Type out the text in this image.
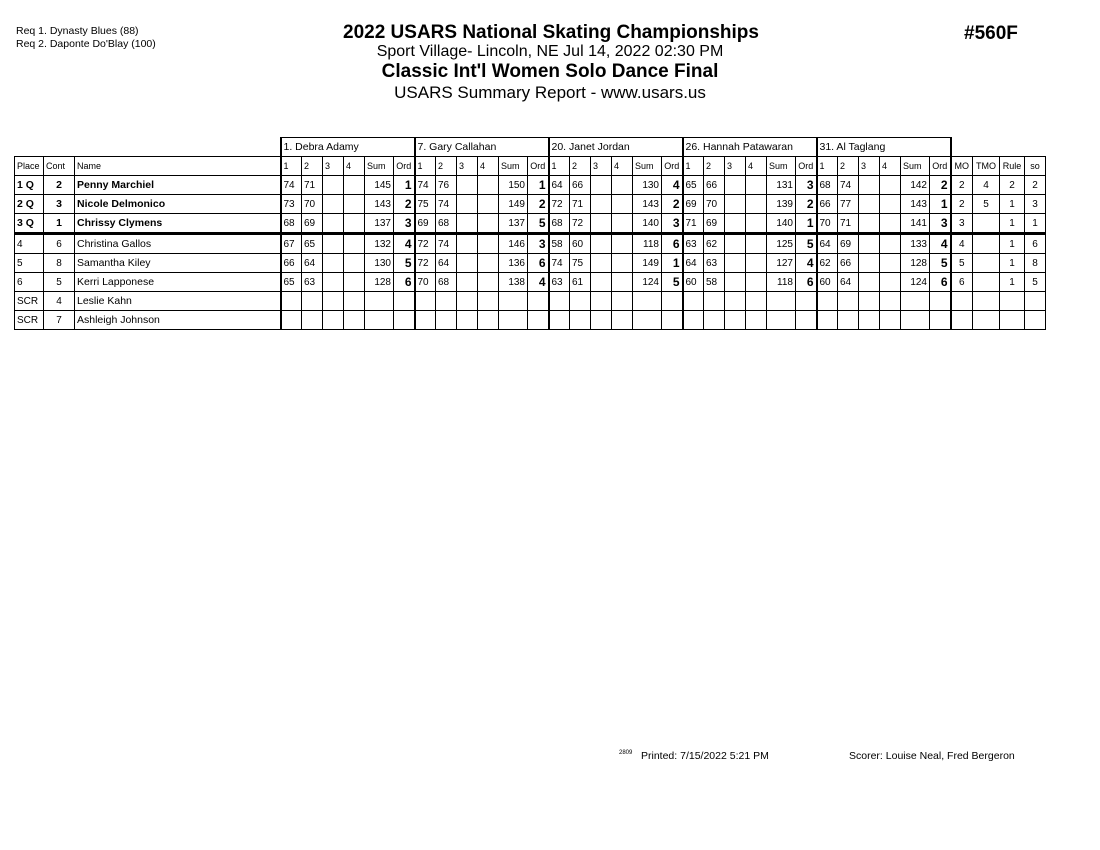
Req 1. Dynasty Blues (88)
Req 2. Daponte Do'Blay (100)
2022 USARS National Skating Championships
Sport Village- Lincoln, NE Jul 14, 2022 02:30 PM
Classic Int'l Women Solo Dance Final
USARS Summary Report - www.usars.us
#560F
			1. Debra Adamy						7. Gary Callahan						20. Janet Jordan						26. Hannah Patawaran						31. Al Taglang									
Place	Cont	Name	1	2	3	4	Sum	Ord	1	2	3	4	Sum	Ord	1	2	3	4	Sum	Ord	1	2	3	4	Sum	Ord	1	2	3	4	Sum	Ord	MO	TMO	Rule	so
1 Q	2	Penny Marchiel	74	71			145	1	74	76			150	1	64	66			130	4	65	66			131	3	68	74			142	2	2	4	2	2
2 Q	3	Nicole Delmonico	73	70			143	2	75	74			149	2	72	71			143	2	69	70			139	2	66	77			143	1	2	5	1	3
3 Q	1	Chrissy Clymens	68	69			137	3	69	68			137	5	68	72			140	3	71	69			140	1	70	71			141	3	3		1	1
4	6	Christina Gallos	67	65			132	4	72	74			146	3	58	60			118	6	63	62			125	5	64	69			133	4	4		1	6
5	8	Samantha Kiley	66	64			130	5	72	64			136	6	74	75			149	1	64	63			127	4	62	66			128	5	5		1	8
6	5	Kerri Lapponese	65	63			128	6	70	68			138	4	63	61			124	5	60	58			118	6	60	64			124	6	6		1	5
SCR	4	Leslie Kahn																																		
SCR	7	Ashleigh Johnson																																		
2809 Printed: 7/15/2022 5:21 PM	Scorer: Louise Neal, Fred Bergeron
